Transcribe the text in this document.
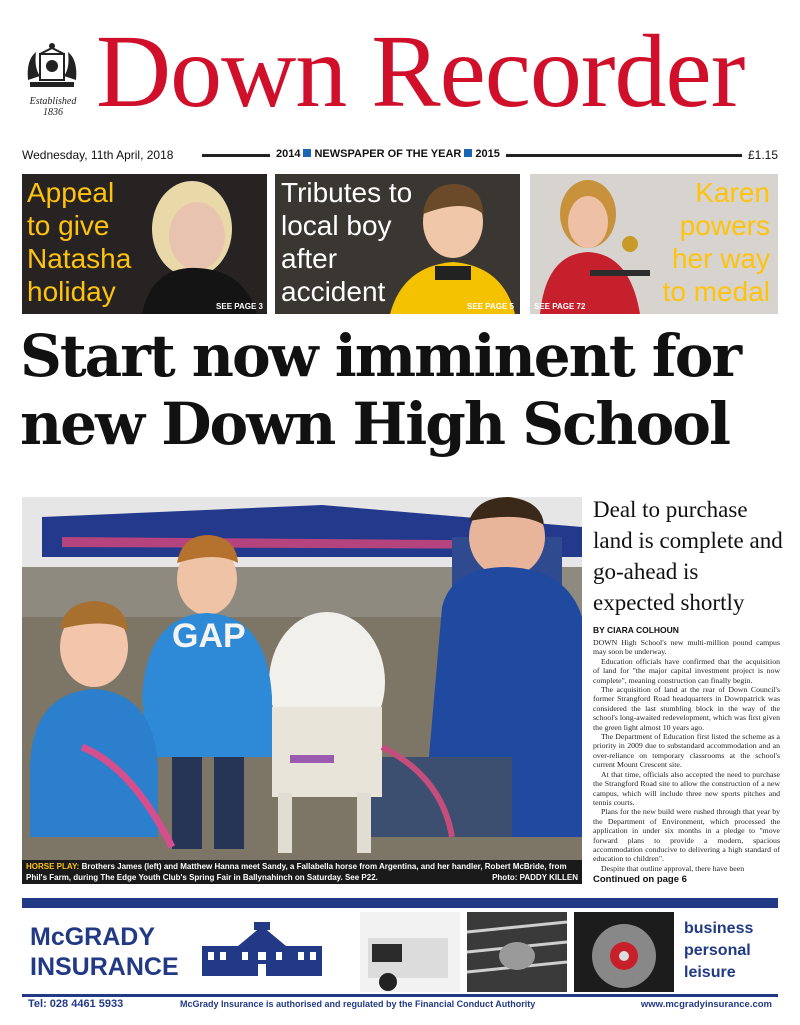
Established
1836 Down Recorder
Wednesday, 11th April, 2018	2014 NEWSPAPER OF THE YEAR 2015	£1.15
Appeal
to give
Natasha
holiday	SEE PAGE 3
Tributes to
local boy
after
accident	SEE PAGE 5
Karen
powers
her way
to medal
SEE PAGE 72
Start now imminent for
new Down High School
GAP
HORSE PLAY: Brothers James (left) and Matthew Hanna meet Sandy, a Fallabella horse from Argentina, and her handler, Robert McBride, from Phil's Farm, during The Edge Youth Club's Spring Fair in Ballynahinch on Saturday. See P22.	Photo: PADDY KILLEN
Deal to purchase land is complete and go-ahead is expected shortly
BY CIARA COLHOUN

DOWN High School's new multi-million pound campus may soon be underway.

Education officials have confirmed that the acquisition of land for "the major capital investment project is now complete", meaning construction can finally begin.

The acquisition of land at the rear of Down Council's former Strangford Road headquarters in Downpatrick was considered the last stumbling block in the way of the school's long-awaited redevelopment, which was first given the green light almost 10 years ago.

The Department of Education first listed the scheme as a priority in 2009 due to substandard accommodation and an over-reliance on temporary classrooms at the school's current Mount Crescent site.

At that time, officials also accepted the need to purchase the Strangford Road site to allow the construction of a new campus, which will include three new sports pitches and tennis courts.

Plans for the new build were rushed through that year by the Department of Environment, which processed the application in under six months in a pledge to "move forward plans to provide a modern, spacious accommodation conducive to delivering a high standard of education to children".

Despite that outline approval, there have been

Continued on page 6
McGRADY
INSURANCE
business
personal
leisure
Tel: 028 4461 5933	McGrady Insurance is authorised and regulated by the Financial Conduct Authority	www.mcgradyinsurance.com
